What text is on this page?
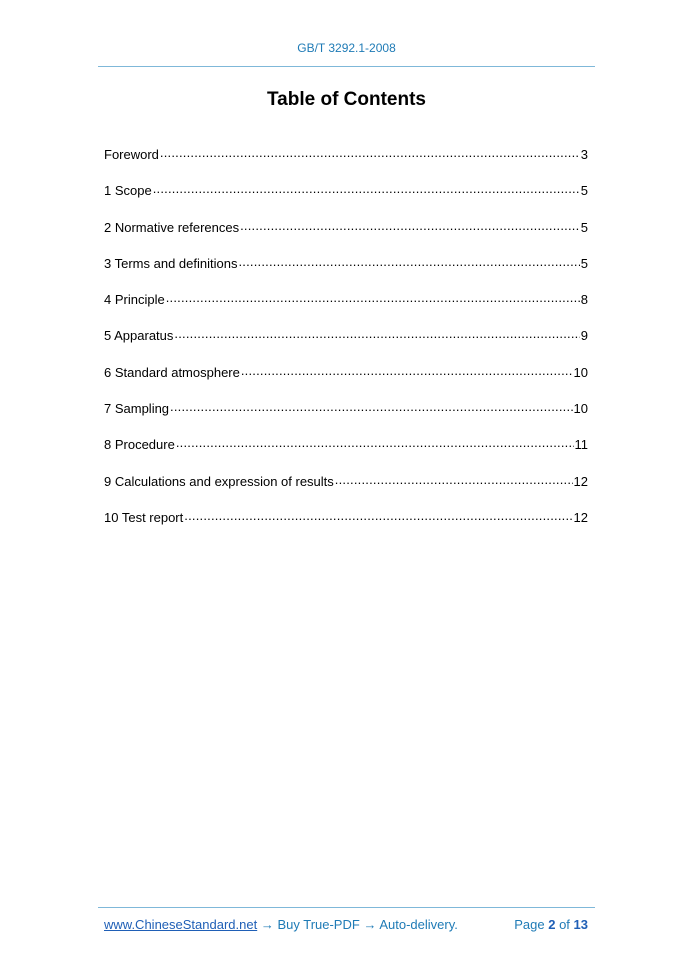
GB/T 3292.1-2008
Table of Contents
Foreword .....	3
1 Scope .....	5
2 Normative references .....	5
3 Terms and definitions .....	5
4 Principle .....	8
5 Apparatus .....	9
6 Standard atmosphere .....	10
7 Sampling .....	10
8 Procedure .....	11
9 Calculations and expression of results .....	12
10 Test report .....	12
www.ChineseStandard.net → Buy True-PDF → Auto-delivery.	Page 2 of 13
